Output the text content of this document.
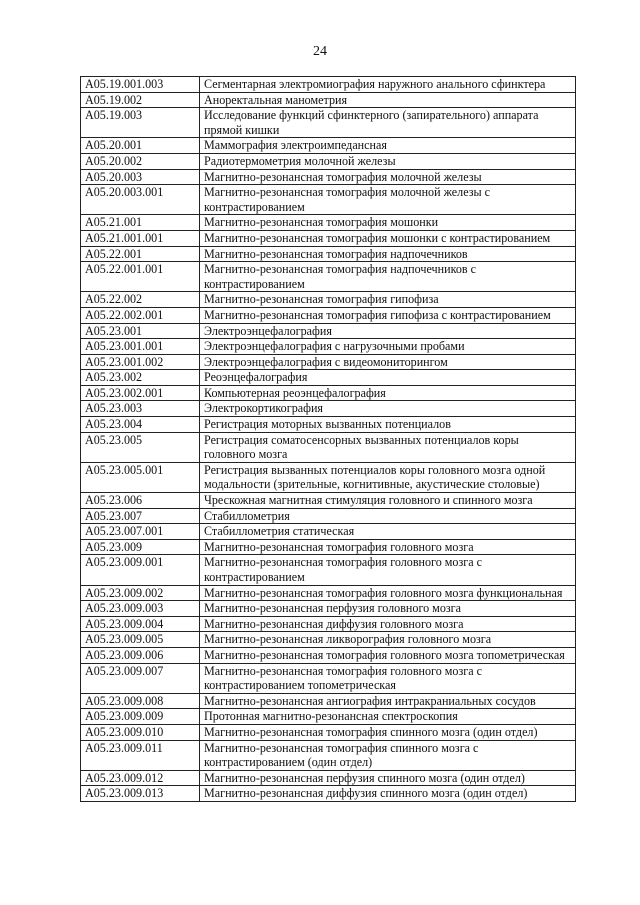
24
A05.19.001.003	Сегментарная электромиография наружного анального сфинктера
A05.19.002	Аноректальная манометрия
A05.19.003	Исследование функций сфинктерного (запирательного) аппарата прямой кишки
A05.20.001	Маммография электроимпедансная
A05.20.002	Радиотермометрия молочной железы
A05.20.003	Магнитно-резонансная томография молочной железы
A05.20.003.001	Магнитно-резонансная томография молочной железы с контрастированием
A05.21.001	Магнитно-резонансная томография мошонки
A05.21.001.001	Магнитно-резонансная томография мошонки с контрастированием
A05.22.001	Магнитно-резонансная томография надпочечников
A05.22.001.001	Магнитно-резонансная томография надпочечников с контрастированием
A05.22.002	Магнитно-резонансная томография гипофиза
A05.22.002.001	Магнитно-резонансная томография гипофиза с контрастированием
A05.23.001	Электроэнцефалография
A05.23.001.001	Электроэнцефалография с нагрузочными пробами
A05.23.001.002	Электроэнцефалография с видеомониторингом
A05.23.002	Реоэнцефалография
A05.23.002.001	Компьютерная реоэнцефалография
A05.23.003	Электрокортикография
A05.23.004	Регистрация моторных вызванных потенциалов
A05.23.005	Регистрация соматосенсорных вызванных потенциалов коры головного мозга
A05.23.005.001	Регистрация вызванных потенциалов коры головного мозга одной модальности (зрительные, когнитивные, акустические столовые)
A05.23.006	Чрескожная магнитная стимуляция головного и спинного мозга
A05.23.007	Стабиллометрия
A05.23.007.001	Стабиллометрия статическая
A05.23.009	Магнитно-резонансная томография головного мозга
A05.23.009.001	Магнитно-резонансная томография головного мозга с контрастированием
A05.23.009.002	Магнитно-резонансная томография головного мозга функциональная
A05.23.009.003	Магнитно-резонансная перфузия головного мозга
A05.23.009.004	Магнитно-резонансная диффузия головного мозга
A05.23.009.005	Магнитно-резонансная ликворография головного мозга
A05.23.009.006	Магнитно-резонансная томография головного мозга топометрическая
A05.23.009.007	Магнитно-резонансная томография головного мозга с контрастированием топометрическая
A05.23.009.008	Магнитно-резонансная ангиография интракраниальных сосудов
A05.23.009.009	Протонная магнитно-резонансная спектроскопия
A05.23.009.010	Магнитно-резонансная томография спинного мозга (один отдел)
A05.23.009.011	Магнитно-резонансная томография спинного мозга с контрастированием (один отдел)
A05.23.009.012	Магнитно-резонансная перфузия спинного мозга (один отдел)
A05.23.009.013	Магнитно-резонансная диффузия спинного мозга (один отдел)
